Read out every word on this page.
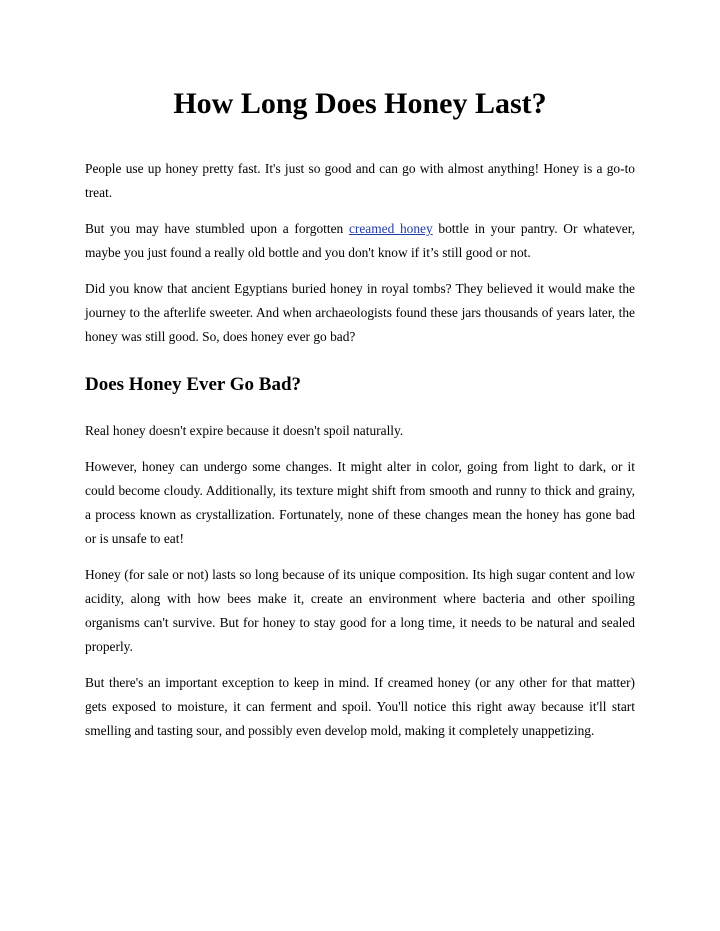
How Long Does Honey Last?

People use up honey pretty fast. It's just so good and can go with almost anything! Honey is a go-to treat.

But you may have stumbled upon a forgotten creamed honey bottle in your pantry. Or whatever, maybe you just found a really old bottle and you don't know if it’s still good or not.

Did you know that ancient Egyptians buried honey in royal tombs? They believed it would make the journey to the afterlife sweeter. And when archaeologists found these jars thousands of years later, the honey was still good. So, does honey ever go bad?

Does Honey Ever Go Bad?

Real honey doesn't expire because it doesn't spoil naturally.

However, honey can undergo some changes. It might alter in color, going from light to dark, or it could become cloudy. Additionally, its texture might shift from smooth and runny to thick and grainy, a process known as crystallization. Fortunately, none of these changes mean the honey has gone bad or is unsafe to eat!

Honey (for sale or not) lasts so long because of its unique composition. Its high sugar content and low acidity, along with how bees make it, create an environment where bacteria and other spoiling organisms can't survive. But for honey to stay good for a long time, it needs to be natural and sealed properly.

But there's an important exception to keep in mind. If creamed honey (or any other for that matter) gets exposed to moisture, it can ferment and spoil. You'll notice this right away because it'll start smelling and tasting sour, and possibly even develop mold, making it completely unappetizing.
